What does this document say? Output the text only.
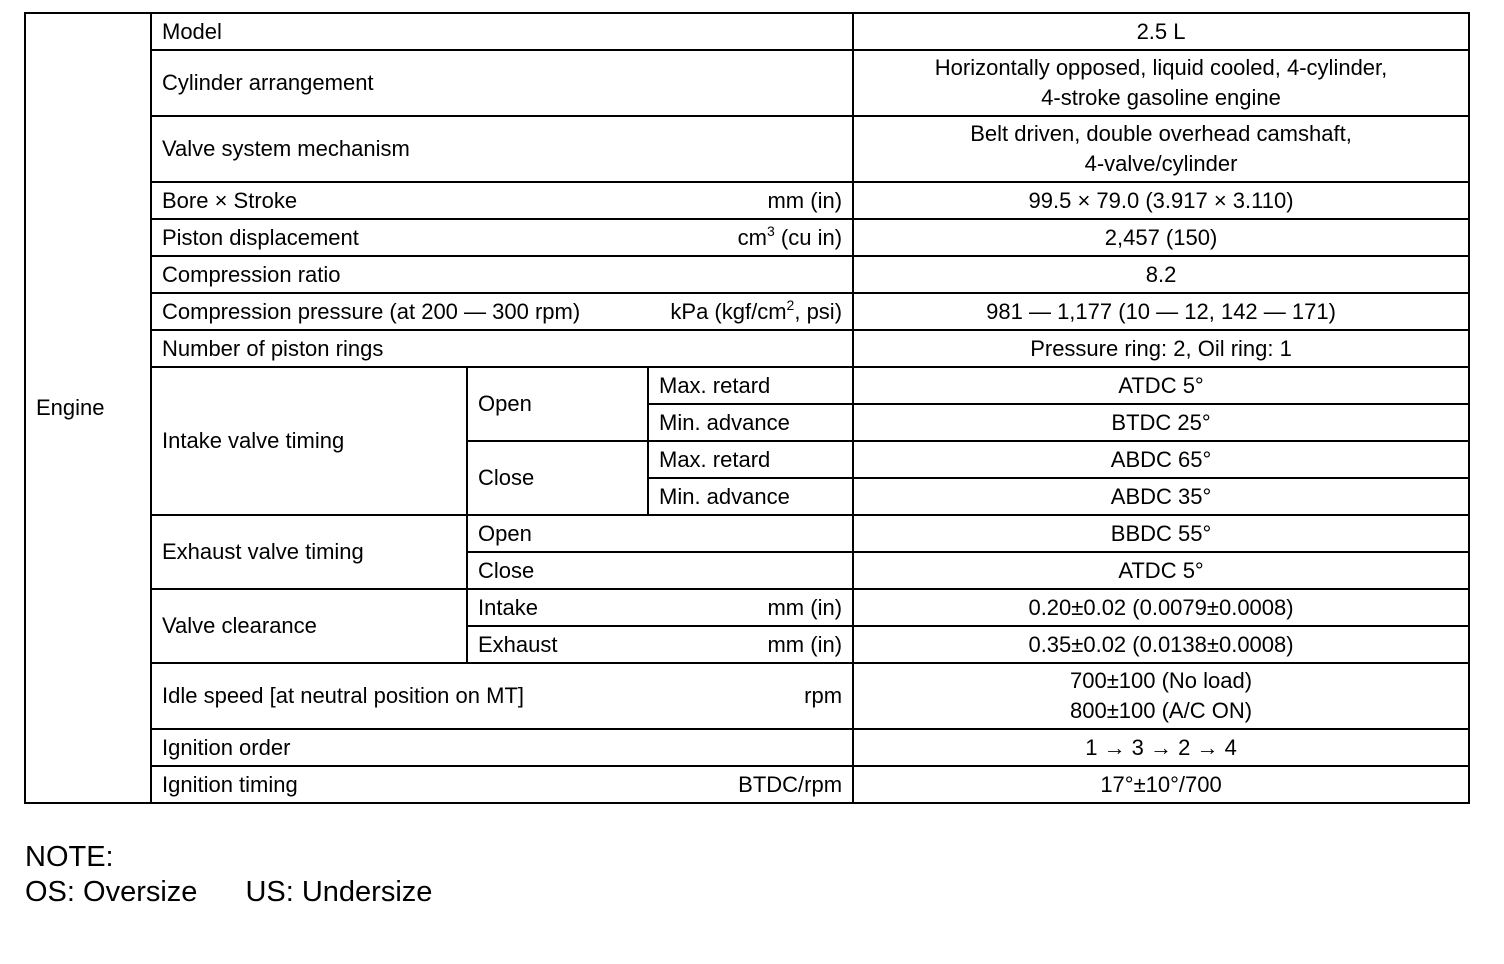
Engine	Model			2.5 L
	Cylinder arrangement			Horizontally opposed, liquid cooled, 4-cylinder,
4-stroke gasoline engine

	Valve system mechanism			Belt driven, double overhead camshaft,
4-valve/cylinder

	Bore × Stroke mm (in)			99.5 × 79.0 (3.917 × 3.110)

	Piston displacement $cm^3$ (cu in)			2,457 (150)
	Compression ratio			8.2

	Compression pressure (at 200 — 300 rpm) kPa ($kgf/cm^2$, psi)			981 — 1,177 (10 — 12, 142 — 171)
	Number of piston rings			Pressure ring: 2, Oil ring: 1
	Intake valve timing	Open	Max. retard	ATDC 5°
			Min. advance	BTDC 25°
		Close	Max. retard	ABDC 65°
			Min. advance	ABDC 35°
	Exhaust valve timing	Open		BBDC 55°
		Close		ATDC 5°
	Valve clearance	Intake mm (in)		0.20±0.02 (0.0079±0.0008)

		Exhaust mm (in)		0.35±0.02 (0.0138±0.0008)

	Idle speed [at neutral position on MT] rpm			700±100 (No load)
800±100 (A/C ON)

	Ignition order			1 → 3 → 2 → 4

	Ignition timing BTDC/rpm			17°±10°/700
NOTE:
OS: Oversize US: Undersize
